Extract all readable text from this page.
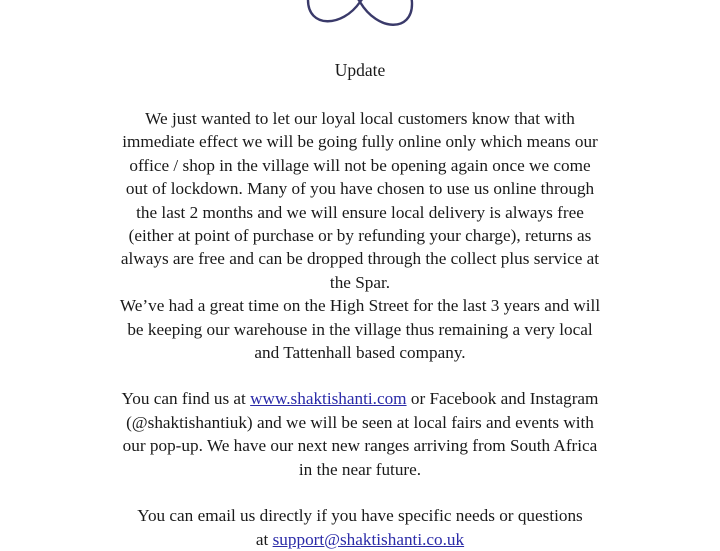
Update
We just wanted to let our loyal local customers know that with
immediate effect we will be going fully online only which means our
office / shop in the village will not be opening again once we come
out of lockdown. Many of you have chosen to use us online through
the last 2 months and we will ensure local delivery is always free
(either at point of purchase or by refunding your charge), returns as
always are free and can be dropped through the collect plus service at
the Spar.
We’ve had a great time on the High Street for the last 3 years and will
be keeping our warehouse in the village thus remaining a very local
and Tattenhall based company.
You can find us at www.shaktishanti.com or Facebook and Instagram
(@shaktishantiuk) and we will be seen at local fairs and events with
our pop-up. We have our next new ranges arriving from South Africa
in the near future.
You can email us directly if you have specific needs or questions
at support@shaktishanti.co.uk
